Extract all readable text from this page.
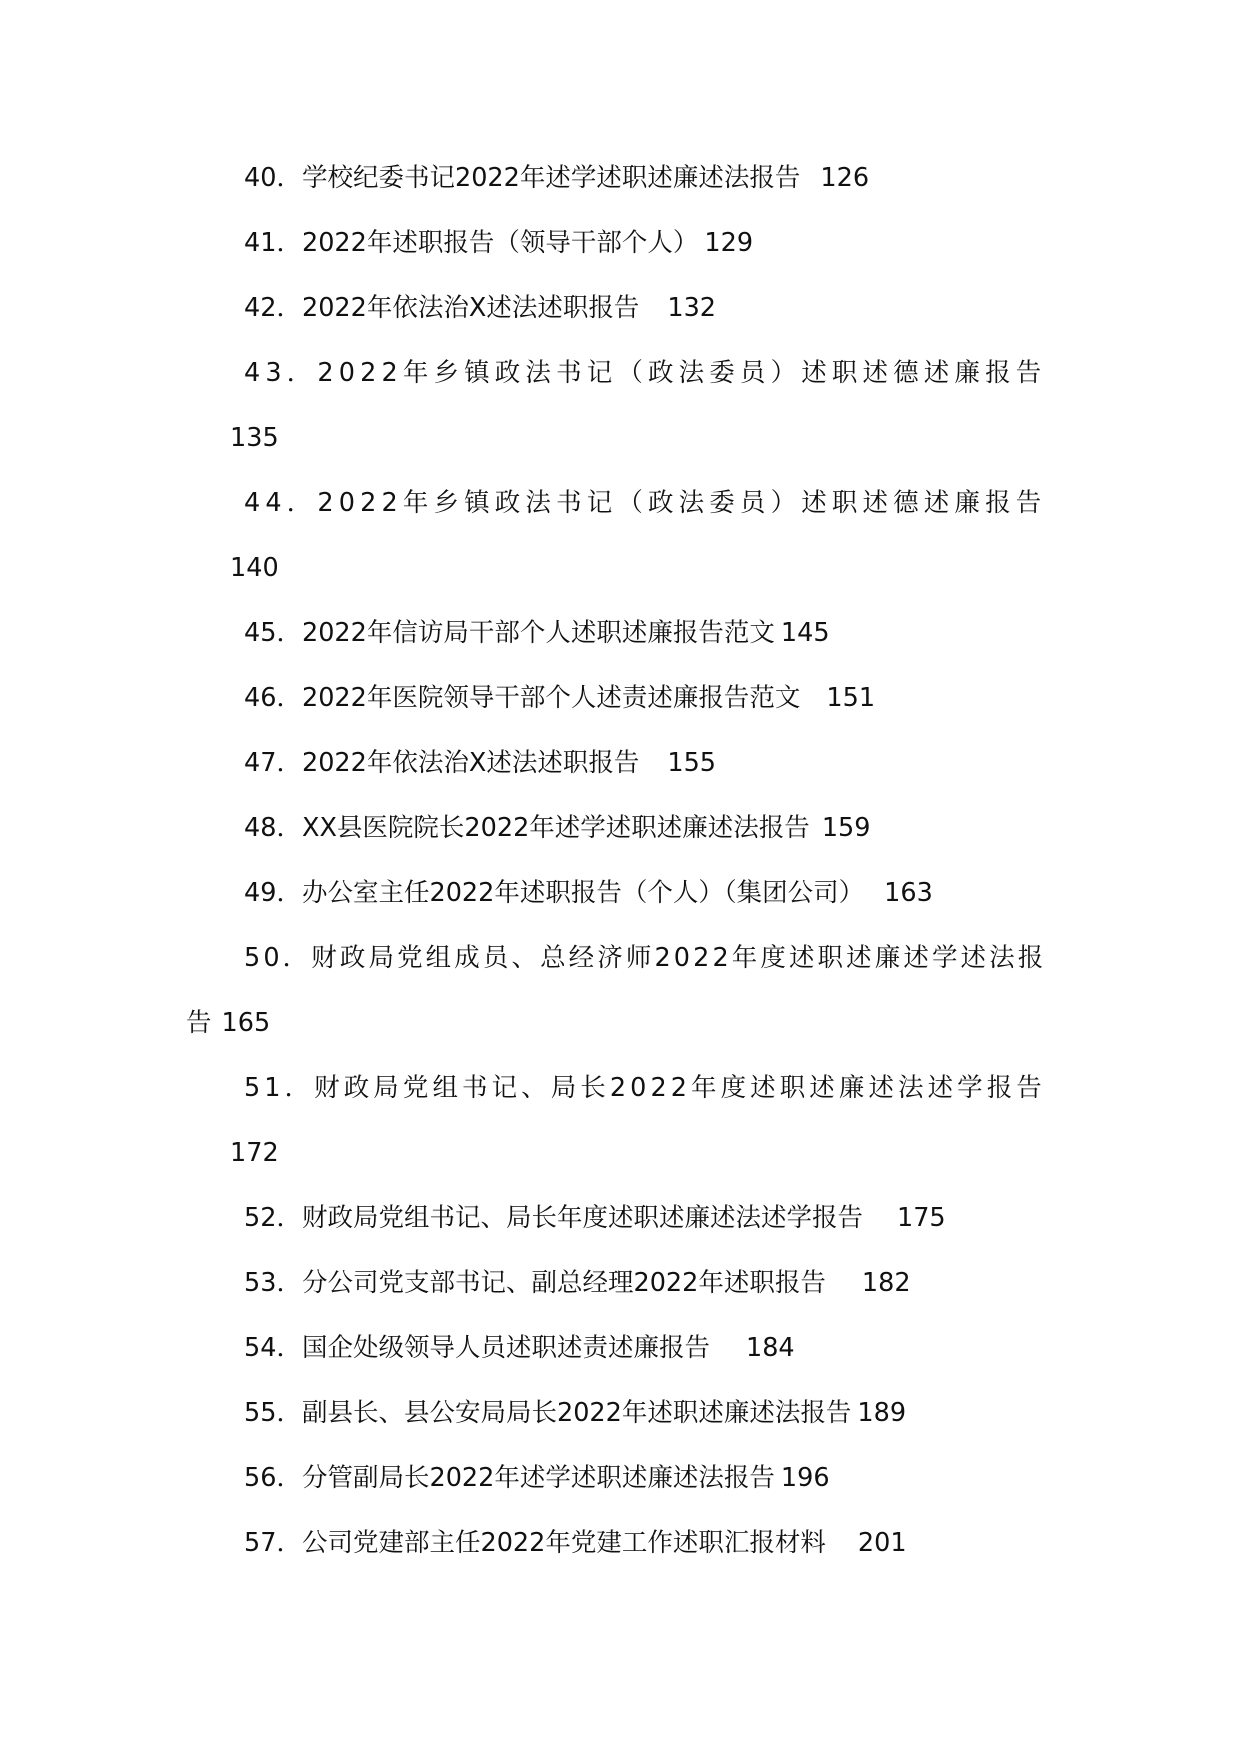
40．学校纪委书记2022年述学述职述廉述法报告 126
41．2022年述职报告（领导干部个人） 129
42．2022年依法治X述法述职报告 132
43．2022年乡镇政法书记（政法委员）述职述德述廉报告
135
44．2022年乡镇政法书记（政法委员）述职述德述廉报告
140
45．2022年信访局干部个人述职述廉报告范文 145
46．2022年医院领导干部个人述责述廉报告范文 151
47．2022年依法治X述法述职报告 155
48．XX县医院院长2022年述学述职述廉述法报告 159
49．办公室主任2022年述职报告（个人）（集团公司） 163
50．财政局党组成员、总经济师2022年度述职述廉述学述法报
告 165
51．财政局党组书记、局长2022年度述职述廉述法述学报告
172
52．财政局党组书记、局长年度述职述廉述法述学报告 175
53．分公司党支部书记、副总经理2022年述职报告 182
54．国企处级领导人员述职述责述廉报告 184
55．副县长、县公安局局长2022年述职述廉述法报告 189
56．分管副局长2022年述学述职述廉述法报告 196
57．公司党建部主任2022年党建工作述职汇报材料 201
